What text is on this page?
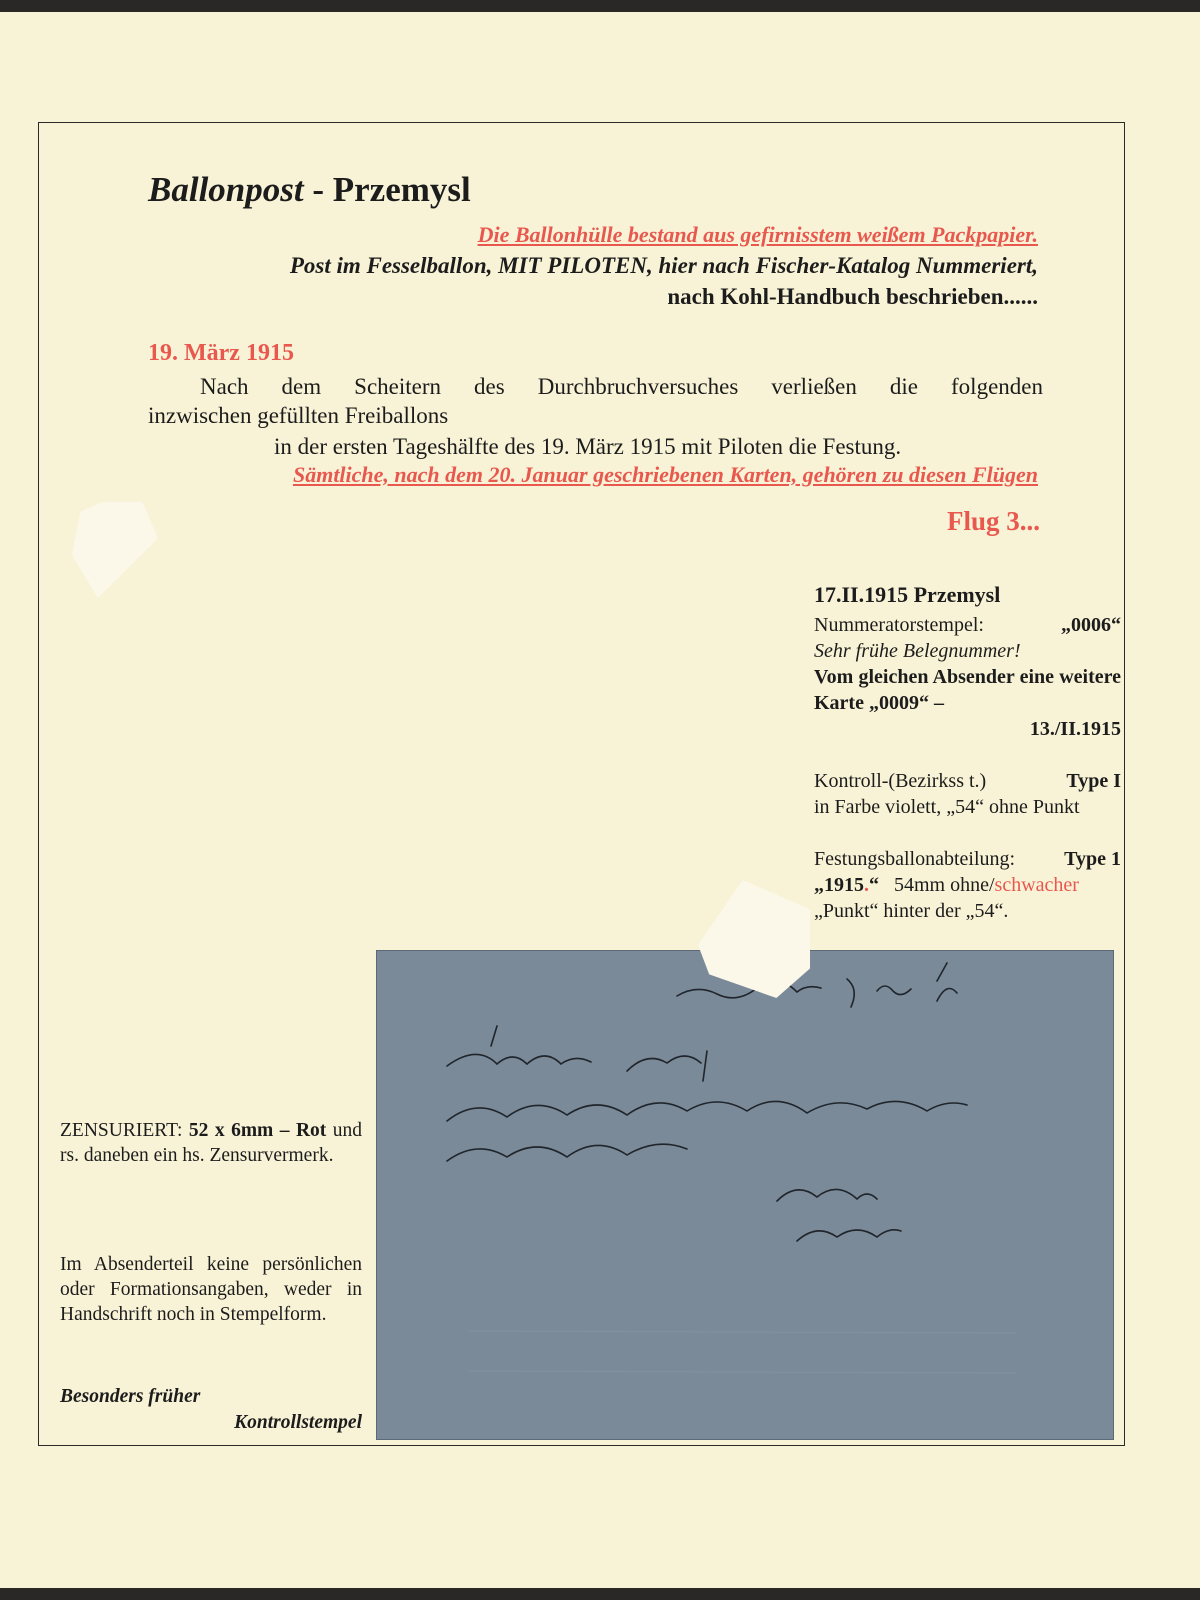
Ballonpost - Przemysl
Die Ballonhülle bestand aus gefirnisstem weißem Packpapier.
Post im Fesselballon, MIT PILOTEN, hier nach Fischer-Katalog Nummeriert,
nach Kohl-Handbuch beschrieben......
19. März 1915
Nach dem Scheitern des Durchbruchversuches verließen die folgenden
inzwischen gefüllten Freiballons
in der ersten Tageshälfte des 19. März 1915 mit Piloten die Festung.
Sämtliche, nach dem 20. Januar geschriebenen Karten, gehören zu diesen Flügen
Flug 3...
17.II.1915 Przemysl
Nummeratorstempel:	„0006“
Sehr frühe Belegnummer!
Vom gleichen Absender eine weitere Karte „0009“ –
13./II.1915
Kontroll-(Bezirkss t.)	Type I
in Farbe violett, „54“ ohne Punkt
Festungsballonabteilung: Type 1
„1915.“ 54mm ohne/schwacher
„Punkt“ hinter der „54“.
ZENSURIERT: 52 x 6mm – Rot und rs. daneben ein hs. Zensurvermerk.
Im Absenderteil keine persönlichen oder Formationsangaben, weder in Handschrift noch in Stempelform.
Besonders früher
Kontrollstempel
